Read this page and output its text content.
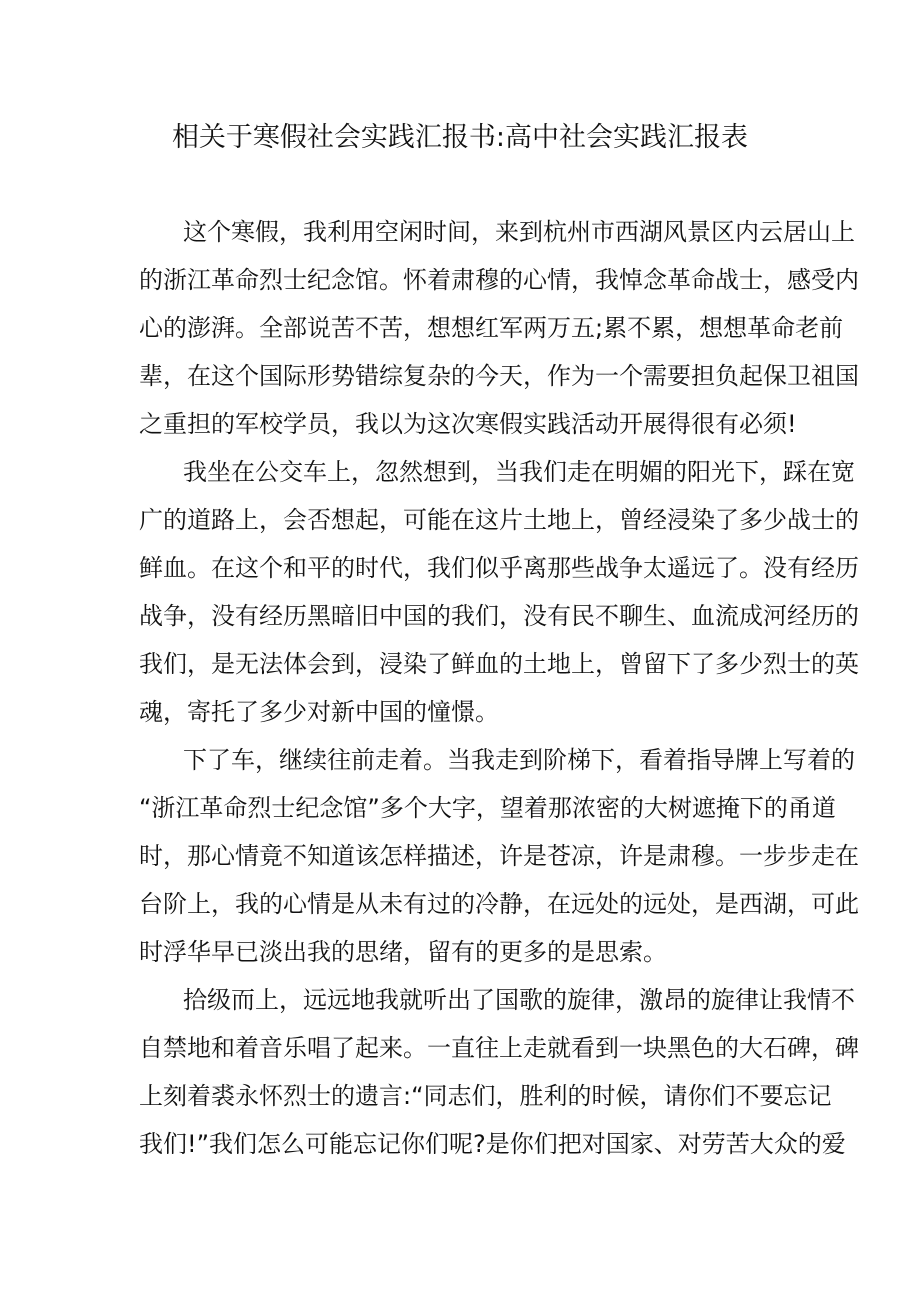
相关于寒假社会实践汇报书:高中社会实践汇报表
这个寒假，我利用空闲时间，来到杭州市西湖风景区内云居山上
的浙江革命烈士纪念馆。怀着肃穆的心情，我悼念革命战士，感受内
心的澎湃。全部说苦不苦，想想红军两万五;累不累，想想革命老前
辈，在这个国际形势错综复杂的今天，作为一个需要担负起保卫祖国
之重担的军校学员，我以为这次寒假实践活动开展得很有必须!
我坐在公交车上，忽然想到，当我们走在明媚的阳光下，踩在宽
广的道路上，会否想起，可能在这片土地上，曾经浸染了多少战士的
鲜血。在这个和平的时代，我们似乎离那些战争太遥远了。没有经历
战争，没有经历黑暗旧中国的我们，没有民不聊生、血流成河经历的
我们，是无法体会到，浸染了鲜血的土地上，曾留下了多少烈士的英
魂，寄托了多少对新中国的憧憬。
下了车，继续往前走着。当我走到阶梯下，看着指导牌上写着的
“浙江革命烈士纪念馆”多个大字，望着那浓密的大树遮掩下的甬道
时，那心情竟不知道该怎样描述，许是苍凉，许是肃穆。一步步走在
台阶上，我的心情是从未有过的冷静，在远处的远处，是西湖，可此
时浮华早已淡出我的思绪，留有的更多的是思索。
拾级而上，远远地我就听出了国歌的旋律，激昂的旋律让我情不
自禁地和着音乐唱了起来。一直往上走就看到一块黑色的大石碑，碑
上刻着裘永怀烈士的遗言:“同志们，胜利的时候，请你们不要忘记
我们!”我们怎么可能忘记你们呢?是你们把对国家、对劳苦大众的爱
